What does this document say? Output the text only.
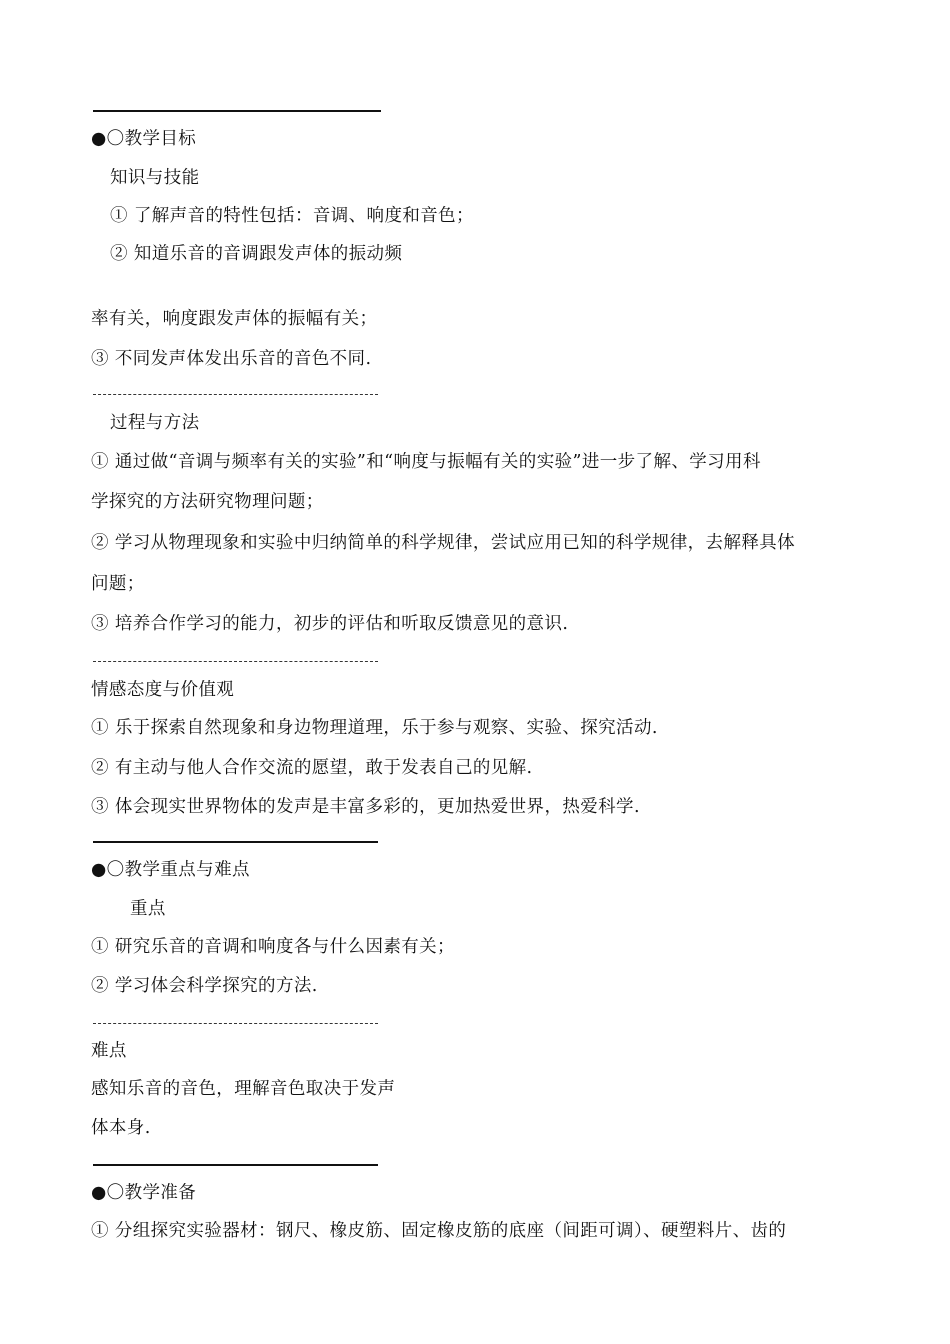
●〇教学目标
知识与技能
① 了解声音的特性包括：音调、响度和音色；
② 知道乐音的音调跟发声体的振动频
率有关，响度跟发声体的振幅有关；
③ 不同发声体发出乐音的音色不同.
过程与方法
① 通过做“音调与频率有关的实验”和“响度与振幅有关的实验”进一步了解、学习用科
学探究的方法研究物理问题；
② 学习从物理现象和实验中归纳简单的科学规律，尝试应用已知的科学规律，去解释具体
问题；
③ 培养合作学习的能力，初步的评估和听取反馈意见的意识.
情感态度与价值观
① 乐于探索自然现象和身边物理道理，乐于参与观察、实验、探究活动.
② 有主动与他人合作交流的愿望，敢于发表自己的见解.
③ 体会现实世界物体的发声是丰富多彩的，更加热爱世界，热爱科学.
●〇教学重点与难点
重点
① 研究乐音的音调和响度各与什么因素有关；
② 学习体会科学探究的方法.
难点
感知乐音的音色，理解音色取决于发声
体本身.
●〇教学准备
① 分组探究实验器材：钢尺、橡皮筋、固定橡皮筋的底座（间距可调）、硬塑料片、齿的
